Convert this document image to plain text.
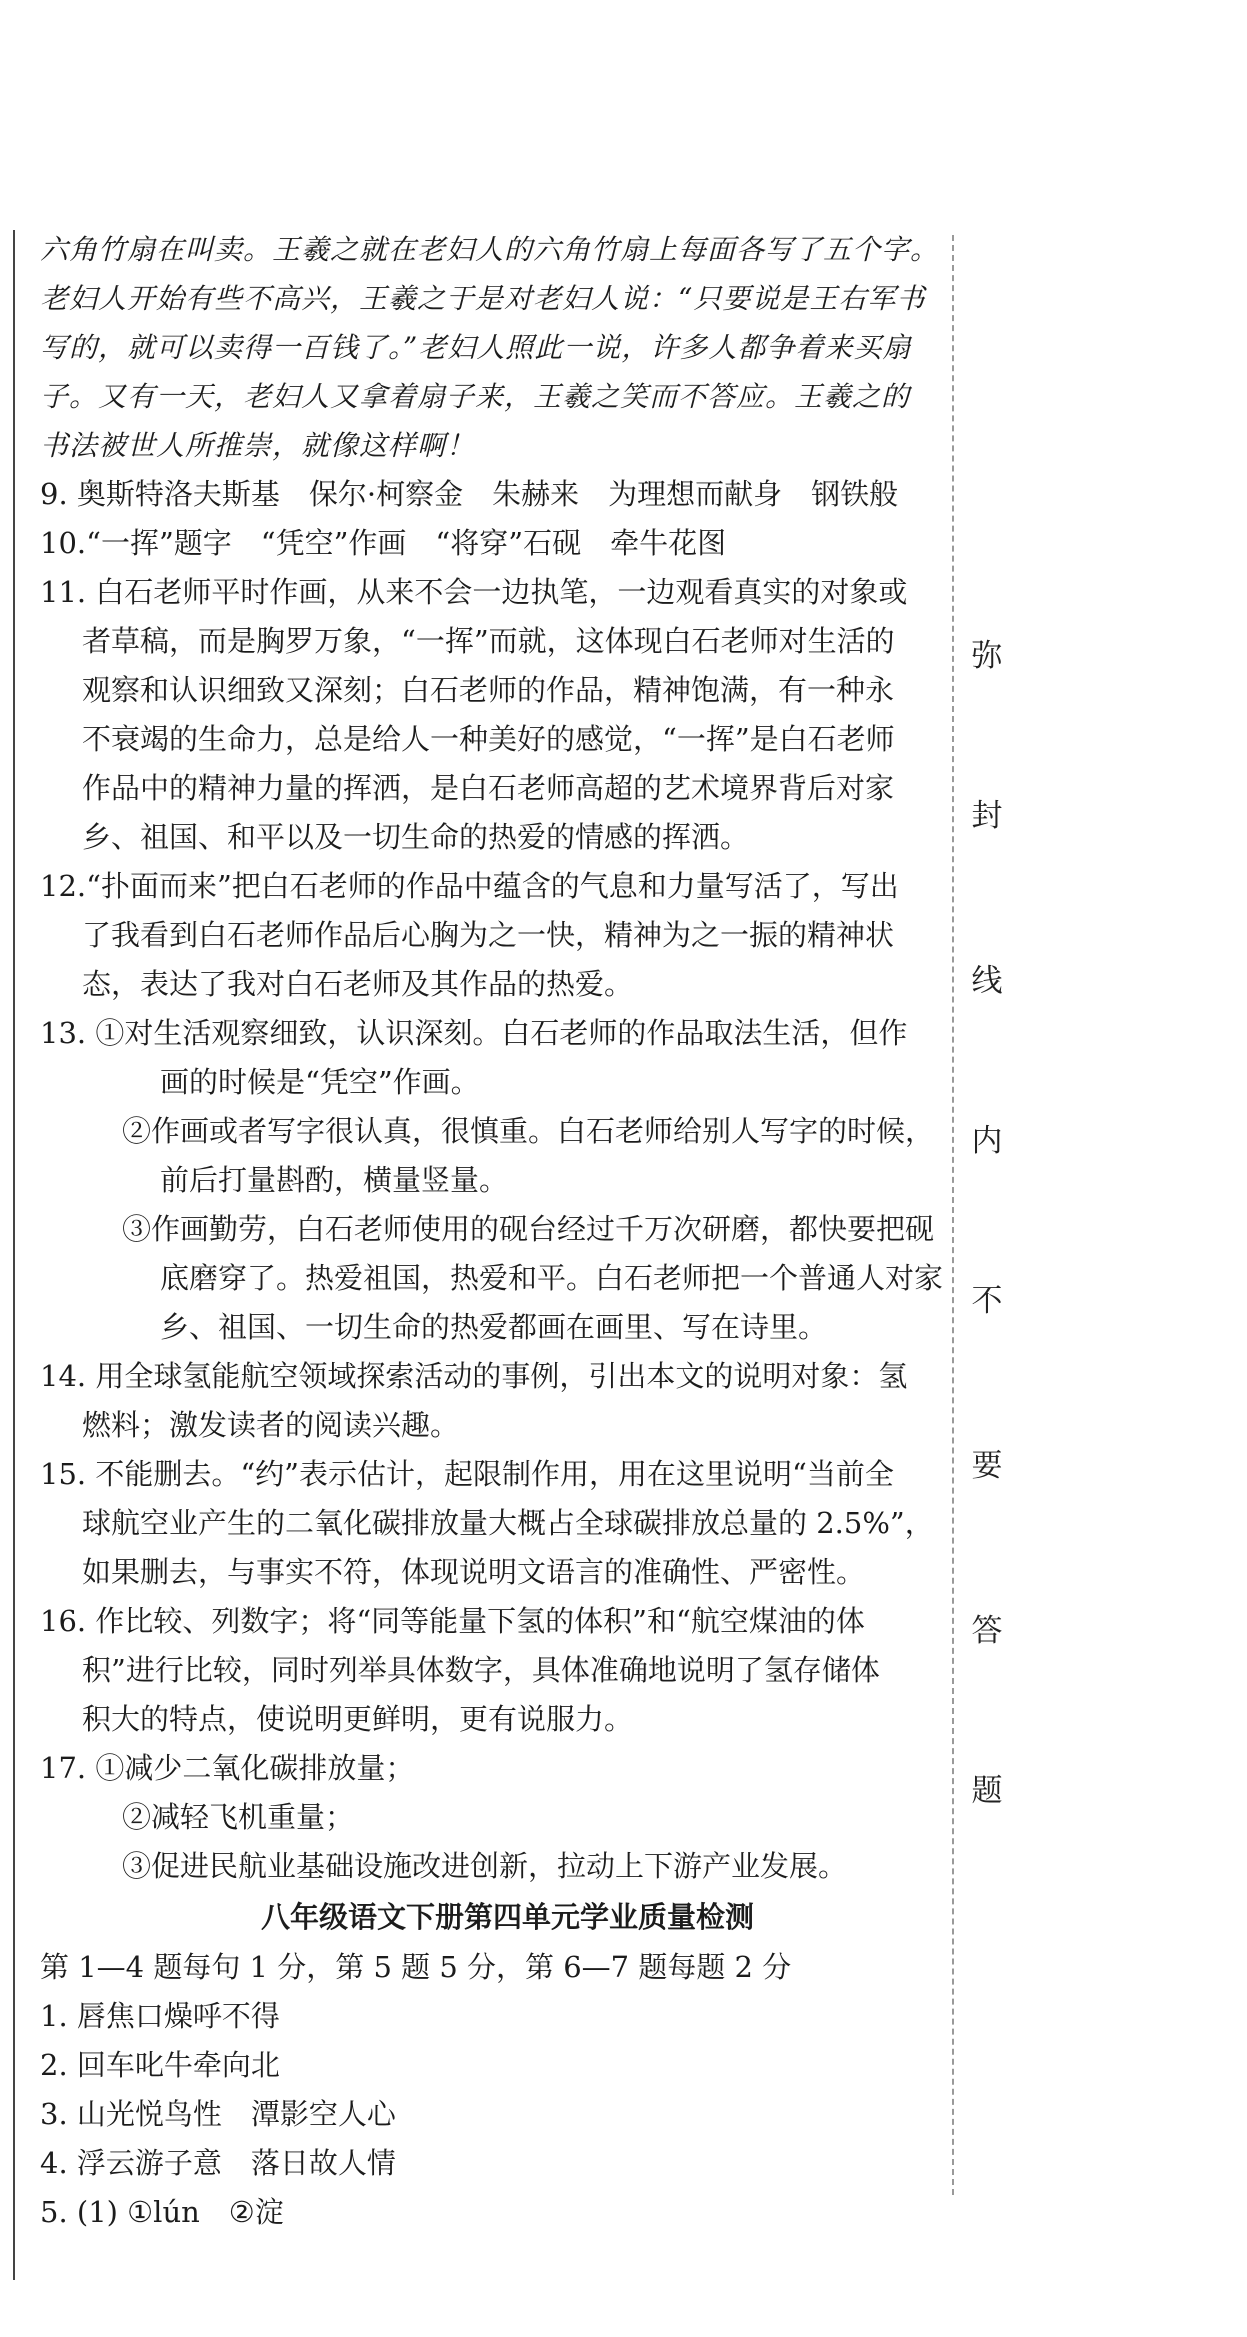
六角竹扇在叫卖。王羲之就在老妇人的六角竹扇上每面各写了五个字。
老妇人开始有些不高兴，王羲之于是对老妇人说：“只要说是王右军书
写的，就可以卖得一百钱了。”老妇人照此一说，许多人都争着来买扇
子。又有一天，老妇人又拿着扇子来，王羲之笑而不答应。王羲之的
书法被世人所推崇，就像这样啊！
9. 奥斯特洛夫斯基　保尔·柯察金　朱赫来　为理想而献身　钢铁般
10.“一挥”题字　“凭空”作画　“将穿”石砚　牵牛花图
11. 白石老师平时作画，从来不会一边执笔，一边观看真实的对象或
者草稿，而是胸罗万象，“一挥”而就，这体现白石老师对生活的
观察和认识细致又深刻；白石老师的作品，精神饱满，有一种永
不衰竭的生命力，总是给人一种美好的感觉，“一挥”是白石老师
作品中的精神力量的挥洒，是白石老师高超的艺术境界背后对家
乡、祖国、和平以及一切生命的热爱的情感的挥洒。
12.“扑面而来”把白石老师的作品中蕴含的气息和力量写活了，写出
了我看到白石老师作品后心胸为之一快，精神为之一振的精神状
态，表达了我对白石老师及其作品的热爱。
13. ①对生活观察细致，认识深刻。白石老师的作品取法生活，但作
画的时候是“凭空”作画。
②作画或者写字很认真，很慎重。白石老师给别人写字的时候，
前后打量斟酌，横量竖量。
③作画勤劳，白石老师使用的砚台经过千万次研磨，都快要把砚
底磨穿了。热爱祖国，热爱和平。白石老师把一个普通人对家
乡、祖国、一切生命的热爱都画在画里、写在诗里。
14. 用全球氢能航空领域探索活动的事例，引出本文的说明对象：氢
燃料；激发读者的阅读兴趣。
15. 不能删去。“约”表示估计，起限制作用，用在这里说明“当前全
球航空业产生的二氧化碳排放量大概占全球碳排放总量的 2.5%”，
如果删去，与事实不符，体现说明文语言的准确性、严密性。
16. 作比较、列数字；将“同等能量下氢的体积”和“航空煤油的体
积”进行比较，同时列举具体数字，具体准确地说明了氢存储体
积大的特点，使说明更鲜明，更有说服力。
17. ①减少二氧化碳排放量；
②减轻飞机重量；
③促进民航业基础设施改进创新，拉动上下游产业发展。
八年级语文下册第四单元学业质量检测
第 1—4 题每句 1 分，第 5 题 5 分，第 6—7 题每题 2 分
1. 唇焦口燥呼不得
2. 回车叱牛牵向北
3. 山光悦鸟性　潭影空人心
4. 浮云游子意　落日故人情
5. (1) ①lún　②淀
弥
封
线
内
不
要
答
题
